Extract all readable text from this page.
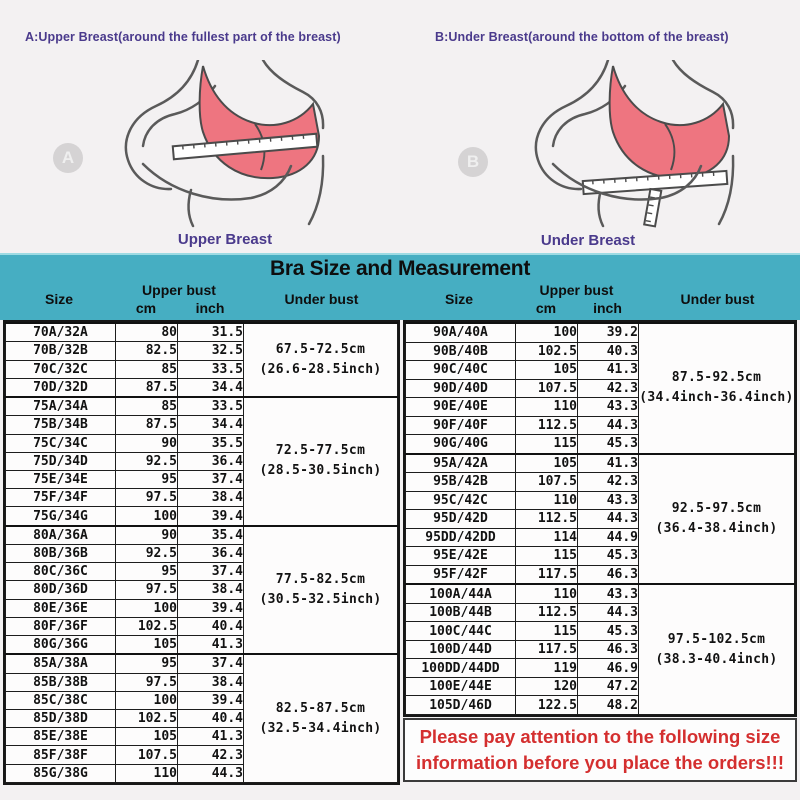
A:Upper Breast(around the fullest part of the breast)	B:Under Breast(around the bottom of the breast)
A	B
Upper Breast	Under Breast
Bra Size and Measurement
Size
Upper bust
cm	inch
Under bust	Size
Upper bust
cm	inch
Under bust
70A/32A	80	31.5	67.5-72.5cm
(26.6-28.5inch)

70B/32B	82.5	32.5	
70C/32C	85	33.5	
70D/32D	87.5	34.4	
75A/34A	85	33.5	72.5-77.5cm
(28.5-30.5inch)

75B/34B	87.5	34.4	
75C/34C	90	35.5	
75D/34D	92.5	36.4	
75E/34E	95	37.4	
75F/34F	97.5	38.4	
75G/34G	100	39.4	
80A/36A	90	35.4	77.5-82.5cm
(30.5-32.5inch)

80B/36B	92.5	36.4	
80C/36C	95	37.4	
80D/36D	97.5	38.4	
80E/36E	100	39.4	
80F/36F	102.5	40.4	
80G/36G	105	41.3	
85A/38A	95	37.4	82.5-87.5cm
(32.5-34.4inch)

85B/38B	97.5	38.4	
85C/38C	100	39.4	
85D/38D	102.5	40.4	
85E/38E	105	41.3	
85F/38F	107.5	42.3	
85G/38G	110	44.3	
90A/40A	100	39.2	87.5-92.5cm
(34.4inch-36.4inch)

90B/40B	102.5	40.3	
90C/40C	105	41.3	
90D/40D	107.5	42.3	
90E/40E	110	43.3	
90F/40F	112.5	44.3	
90G/40G	115	45.3	
95A/42A	105	41.3	92.5-97.5cm
(36.4-38.4inch)

95B/42B	107.5	42.3	
95C/42C	110	43.3	
95D/42D	112.5	44.3	
95DD/42DD	114	44.9	
95E/42E	115	45.3	
95F/42F	117.5	46.3	
100A/44A	110	43.3	97.5-102.5cm
(38.3-40.4inch)

100B/44B	112.5	44.3	
100C/44C	115	45.3	
100D/44D	117.5	46.3	
100DD/44DD	119	46.9	
100E/44E	120	47.2	
105D/46D	122.5	48.2	
Please pay attention to the following size
information before you place the orders!!!
